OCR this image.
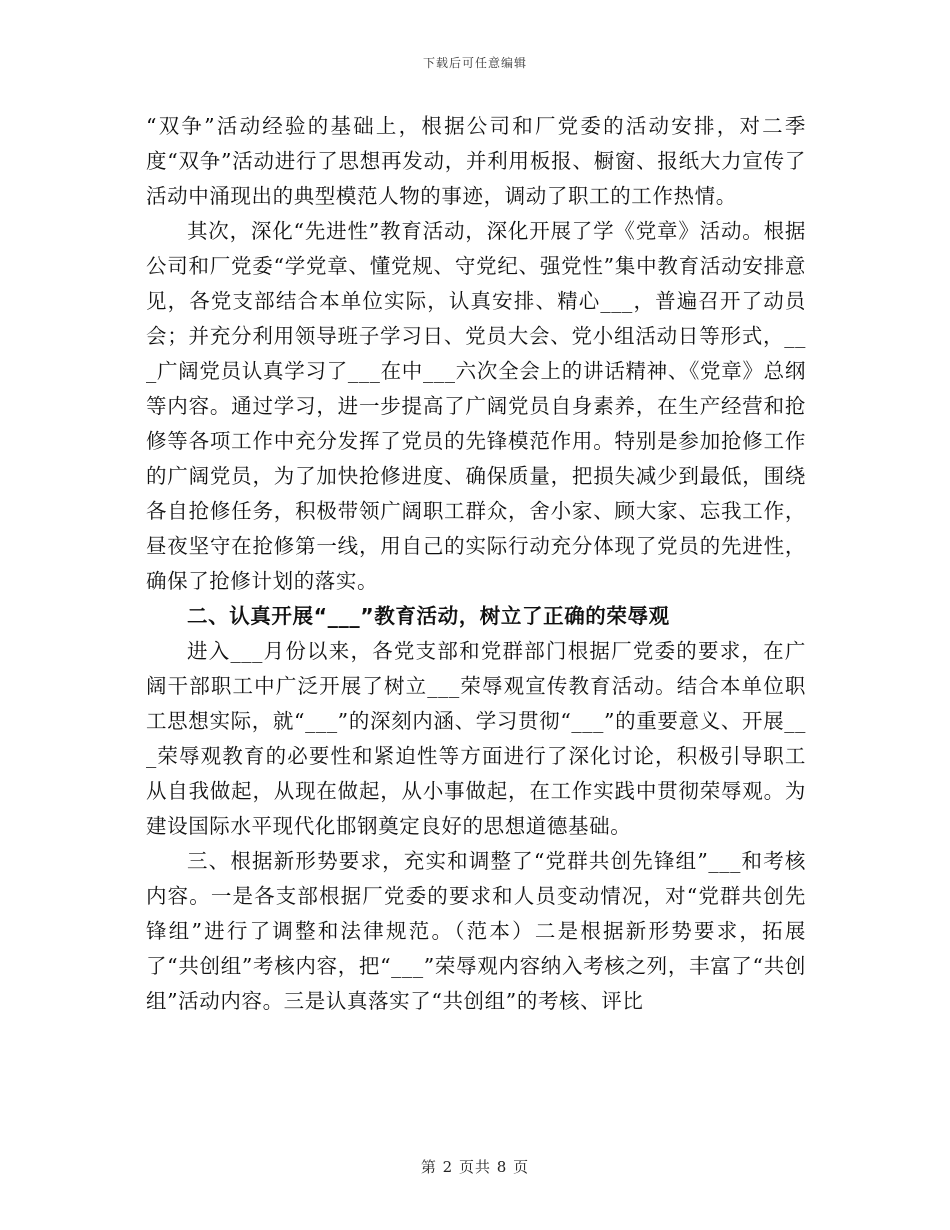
下载后可任意编辑

“双争”活动经验的基础上，根据公司和厂党委的活动安排，对二季度“双争”活动进行了思想再发动，并利用板报、橱窗、报纸大力宣传了活动中涌现出的典型模范人物的事迹，调动了职工的工作热情。

其次，深化“先进性”教育活动，深化开展了学《党章》活动。根据公司和厂党委“学党章、懂党规、守党纪、强党性”集中教育活动安排意见，各党支部结合本单位实际，认真安排、精心___，普遍召开了动员会；并充分利用领导班子学习日、党员大会、党小组活动日等形式，___广阔党员认真学习了___在中___六次全会上的讲话精神、《党章》总纲等内容。通过学习，进一步提高了广阔党员自身素养，在生产经营和抢修等各项工作中充分发挥了党员的先锋模范作用。特别是参加抢修工作的广阔党员，为了加快抢修进度、确保质量，把损失减少到最低，围绕各自抢修任务，积极带领广阔职工群众，舍小家、顾大家、忘我工作，昼夜坚守在抢修第一线，用自己的实际行动充分体现了党员的先进性，确保了抢修计划的落实。

二、认真开展“___”教育活动，树立了正确的荣辱观

进入___月份以来，各党支部和党群部门根据厂党委的要求，在广阔干部职工中广泛开展了树立___荣辱观宣传教育活动。结合本单位职工思想实际，就“___”的深刻内涵、学习贯彻“___”的重要意义、开展___荣辱观教育的必要性和紧迫性等方面进行了深化讨论，积极引导职工从自我做起，从现在做起，从小事做起，在工作实践中贯彻荣辱观。为建设国际水平现代化邯钢奠定良好的思想道德基础。

三、根据新形势要求，充实和调整了“党群共创先锋组”___和考核内容。一是各支部根据厂党委的要求和人员变动情况，对“党群共创先锋组”进行了调整和法律规范。（范本）二是根据新形势要求，拓展了“共创组”考核内容，把“___”荣辱观内容纳入考核之列，丰富了“共创组”活动内容。三是认真落实了“共创组”的考核、评比

第 2 页共 8 页
